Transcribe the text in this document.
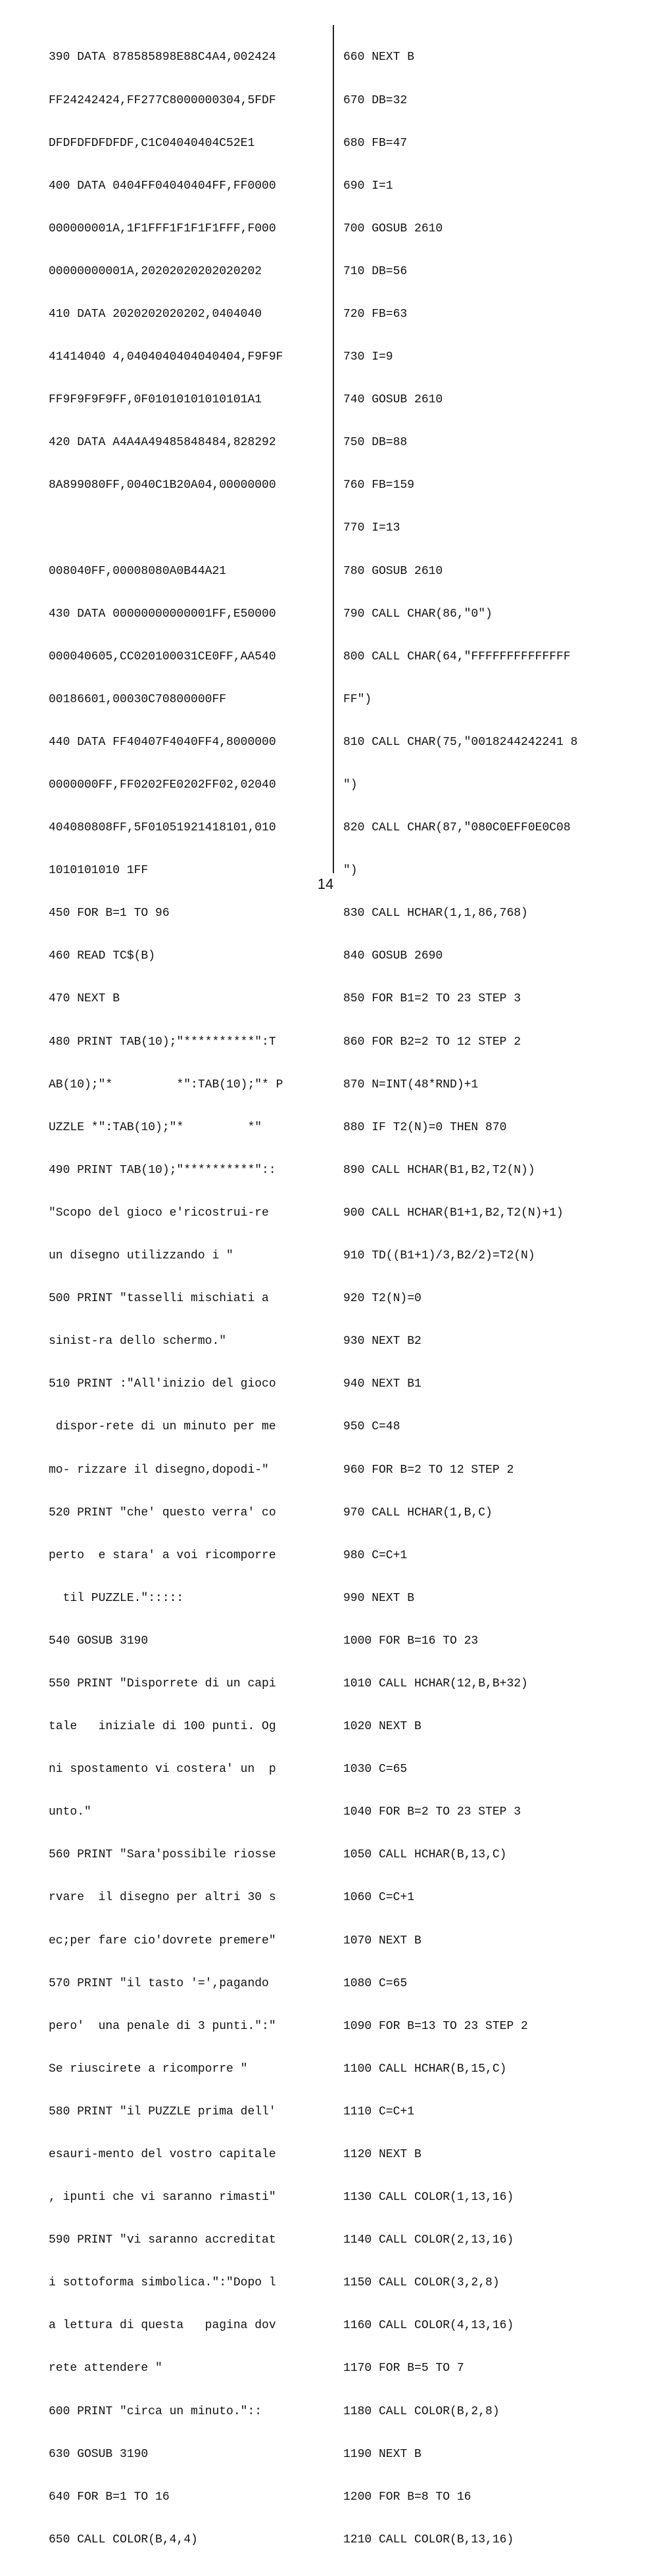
390 DATA 878585898E88C4A4,002424

FF24242424,FF277C8000000304,5FDF

DFDFDFDFDFDF,C1C04040404C52E1

400 DATA 0404FF04040404FF,FF0000

000000001A,1F1FFF1F1F1F1FFF,F000

00000000001A,20202020202020202

410 DATA 2020202020202,0404040

41414040 4,0404040404040404,F9F9F

FF9F9F9F9FF,0F01010101010101A1

420 DATA A4A4A49485848484,828292

8A899080FF,0040C1B20A04,00000000

008040FF,00008080A0B44A21

430 DATA 00000000000001FF,E50000

000040605,CC020100031CE0FF,AA540

00186601,00030C70800000FF

440 DATA FF40407F4040FF4,8000000

0000000FF,FF0202FE0202FF02,02040

404080808FF,5F01051921418101,010

1010101010 1FF

450 FOR B=1 TO 96

460 READ TC$(B)

470 NEXT B

480 PRINT TAB(10);"**********":T

AB(10);"*         *":TAB(10);"* P

UZZLE *":TAB(10);"*         *"

490 PRINT TAB(10);"**********"::

"Scopo del gioco e'ricostrui-re

un disegno utilizzando i "

500 PRINT "tasselli mischiati a

sinist-ra dello schermo."

510 PRINT :"All'inizio del gioco

dispor-rete di un minuto per me

mo- rizzare il disegno,dopodi-"

520 PRINT "che' questo verra' co

perto  e stara' a voi ricomporre

til PUZZLE.":::::

540 GOSUB 3190

550 PRINT "Disporrete di un capi

tale   iniziale di 100 punti. Og

ni spostamento vi costera' un  p

unto."

560 PRINT "Sara'possibile riosse

rvare  il disegno per altri 30 s

ec;per fare cio'dovrete premere"

570 PRINT "il tasto '=',pagando

pero'  una penale di 3 punti.":"

Se riuscirete a ricomporre "

580 PRINT "il PUZZLE prima dell'

esauri-mento del vostro capitale

, ipunti che vi saranno rimasti"

590 PRINT "vi saranno accreditat

i sottoforma simbolica.":"Dopo l

a lettura di questa   pagina dov

rete attendere "

600 PRINT "circa un minuto."::

630 GOSUB 3190

640 FOR B=1 TO 16

650 CALL COLOR(B,4,4)

660 NEXT B

670 DB=32

680 FB=47

690 I=1

700 GOSUB 2610

710 DB=56

720 FB=63

730 I=9

740 GOSUB 2610

750 DB=88

760 FB=159

770 I=13

780 GOSUB 2610

790 CALL CHAR(86,"0")

800 CALL CHAR(64,"FFFFFFFFFFFFFF

FF")

810 CALL CHAR(75,"0018244242241 8

")

820 CALL CHAR(87,"080C0EFF0E0C08

")

830 CALL HCHAR(1,1,86,768)

840 GOSUB 2690

850 FOR B1=2 TO 23 STEP 3

860 FOR B2=2 TO 12 STEP 2

870 N=INT(48*RND)+1

880 IF T2(N)=0 THEN 870

890 CALL HCHAR(B1,B2,T2(N))

900 CALL HCHAR(B1+1,B2,T2(N)+1)

910 TD((B1+1)/3,B2/2)=T2(N)

920 T2(N)=0

930 NEXT B2

940 NEXT B1

950 C=48

960 FOR B=2 TO 12 STEP 2

970 CALL HCHAR(1,B,C)

980 C=C+1

990 NEXT B

1000 FOR B=16 TO 23

1010 CALL HCHAR(12,B,B+32)

1020 NEXT B

1030 C=65

1040 FOR B=2 TO 23 STEP 3

1050 CALL HCHAR(B,13,C)

1060 C=C+1

1070 NEXT B

1080 C=65

1090 FOR B=13 TO 23 STEP 2

1100 CALL HCHAR(B,15,C)

1110 C=C+1

1120 NEXT B

1130 CALL COLOR(1,13,16)

1140 CALL COLOR(2,13,16)

1150 CALL COLOR(3,2,8)

1160 CALL COLOR(4,13,16)

1170 FOR B=5 TO 7

1180 CALL COLOR(B,2,8)

1190 NEXT B

1200 FOR B=8 TO 16

1210 CALL COLOR(B,13,16)

14
